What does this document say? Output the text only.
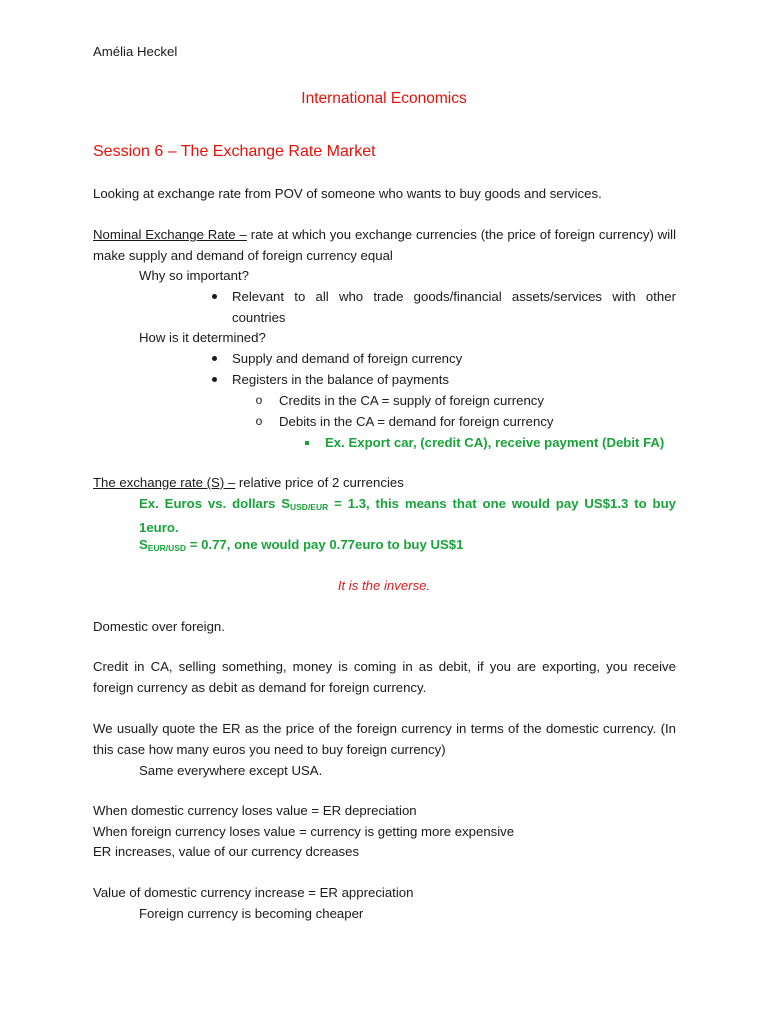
Amélia Heckel
International Economics
Session 6 – The Exchange Rate Market
Looking at exchange rate from POV of someone who wants to buy goods and services.
Nominal Exchange Rate – rate at which you exchange currencies (the price of foreign currency) will make supply and demand of foreign currency equal
Why so important?
Relevant to all who trade goods/financial assets/services with other
countries
How is it determined?
Supply and demand of foreign currency
Registers in the balance of payments
o
Credits in the CA = supply of foreign currency
o
Debits in the CA = demand for foreign currency
Ex. Export car, (credit CA), receive payment (Debit FA)
The exchange rate (S) – relative price of 2 currencies
Ex. Euros vs. dollars $S_{USD/EUR} = 1.3$, this means that one would pay US$1.3 to buy 1euro.
$S_{EUR/USD} = 0.77$, one would pay 0.77euro to buy US$1
It is the inverse.
Domestic over foreign.
Credit in CA, selling something, money is coming in as debit, if you are exporting, you receive foreign currency as debit as demand for foreign currency.
We usually quote the ER as the price of the foreign currency in terms of the domestic currency. (In this case how many euros you need to buy foreign currency)
Same everywhere except USA.
When domestic currency loses value = ER depreciation
When foreign currency loses value = currency is getting more expensive
ER increases, value of our currency dcreases
Value of domestic currency increase = ER appreciation
Foreign currency is becoming cheaper
